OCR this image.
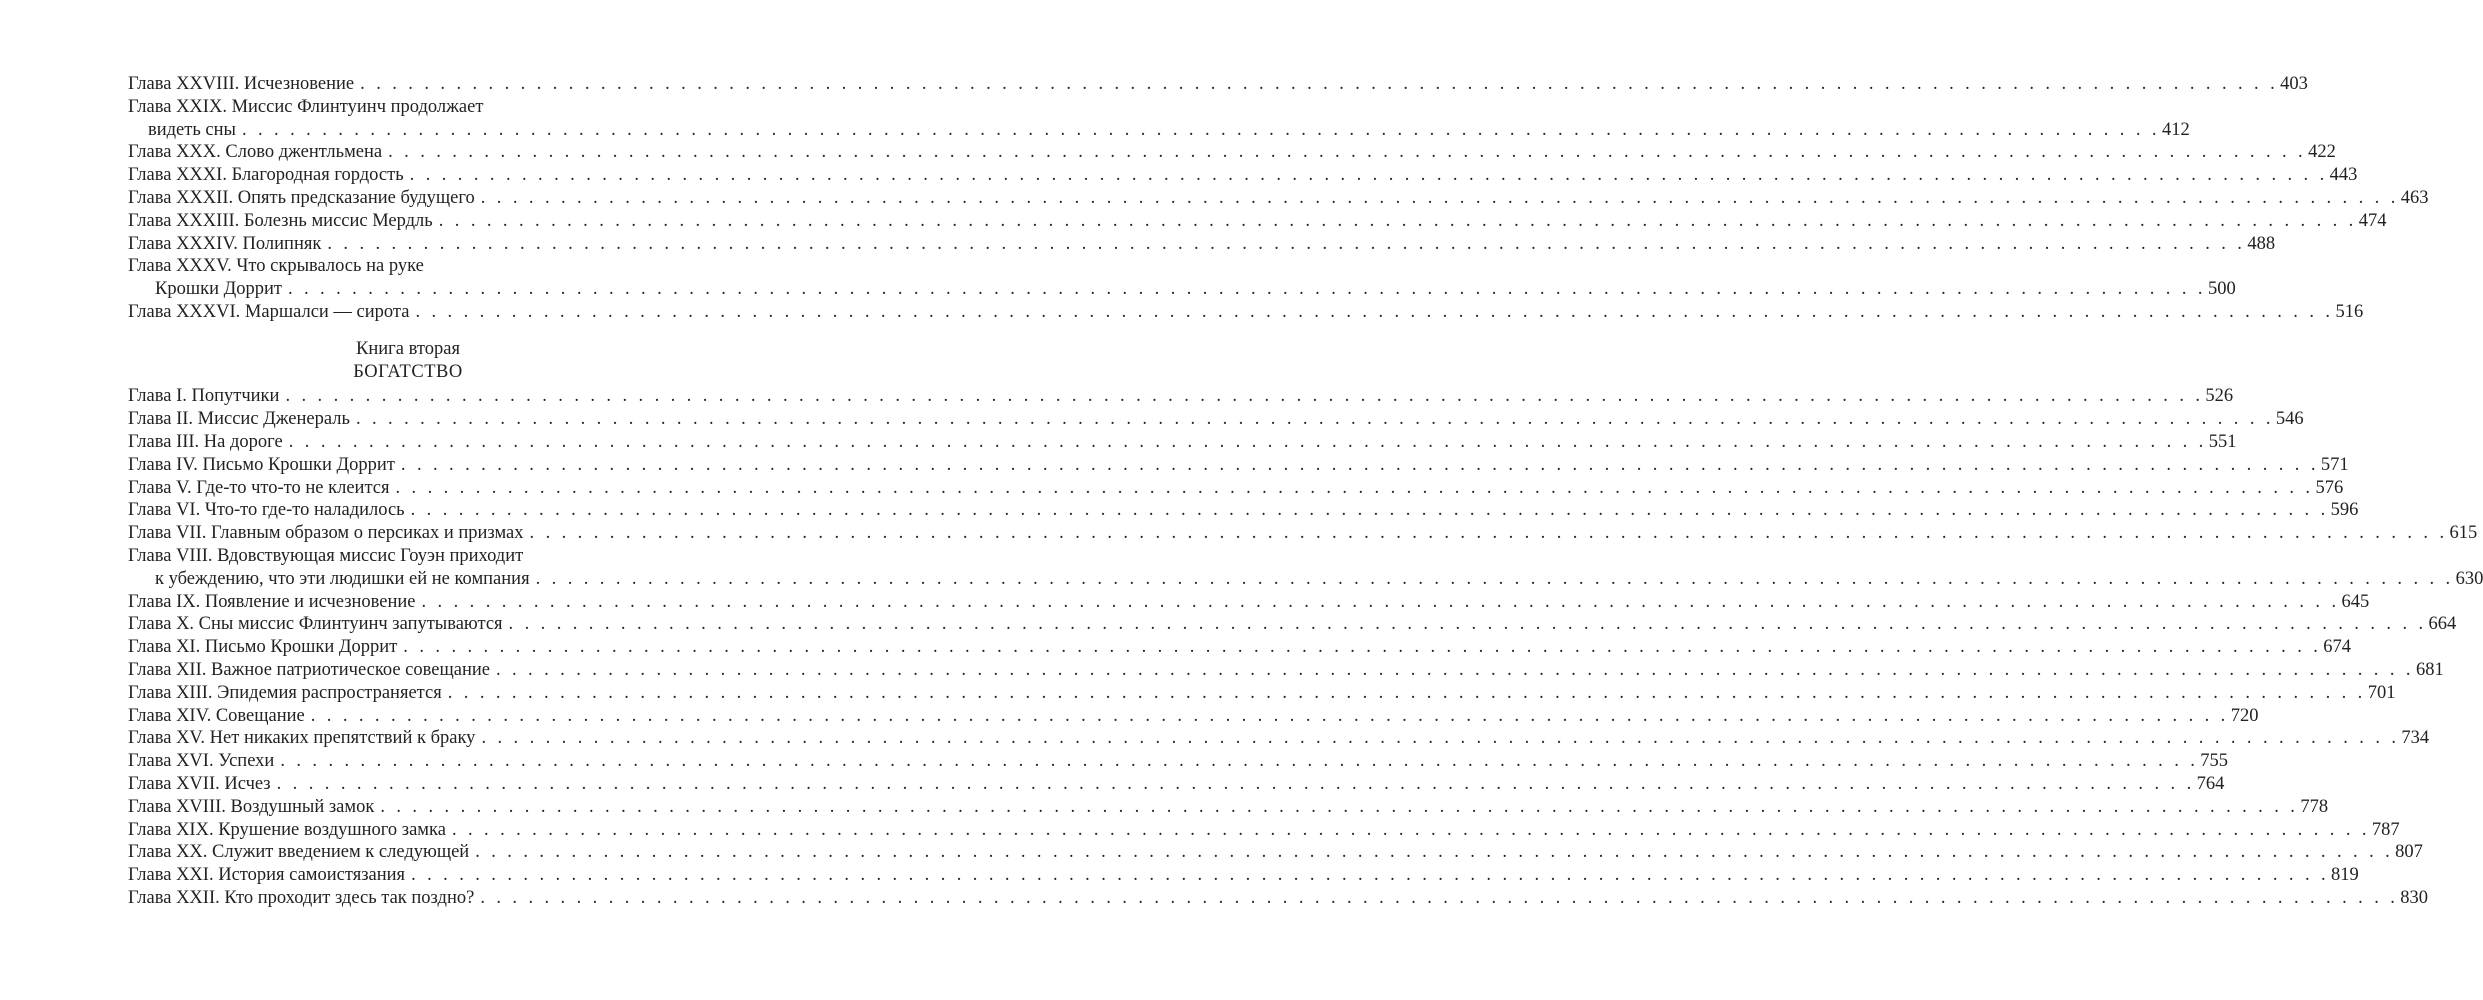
Глава XXVIII. Исчезновение . . . . . . . . . . . . . . . . . . . . . . . . . . . . . . . . . . . . . . . . . . . . . . . . . . . . . . . . . . . . . . . . . . . . . . . . . . . . . . . . . . . . . . . . . . . . . . . . . . . . . . . . . . . . . . . . . . . . . . . . 403
Глава XXIX. Миссис Флинтуинч продолжает
видеть сны . . . . . . . . . . . . . . . . . . . . . . . . . . . . . . . . . . . . . . . . . . . . . . . . . . . . . . . . . . . . . . . . . . . . . . . . . . . . . . . . . . . . . . . . . . . . . . . . . . . . . . . . . . . . . . . . . . . . . . . . 412
Глава XXX. Слово джентльмена . . . . . . . . . . . . . . . . . . . . . . . . . . . . . . . . . . . . . . . . . . . . . . . . . . . . . . . . . . . . . . . . . . . . . . . . . . . . . . . . . . . . . . . . . . . . . . . . . . . . . . . . . . . . . . . . . . . . . . . . 422
Глава XXXI. Благородная гордость . . . . . . . . . . . . . . . . . . . . . . . . . . . . . . . . . . . . . . . . . . . . . . . . . . . . . . . . . . . . . . . . . . . . . . . . . . . . . . . . . . . . . . . . . . . . . . . . . . . . . . . . . . . . . . . . . . . . . . . . 443
Глава XXXII. Опять предсказание будущего . . . . . . . . . . . . . . . . . . . . . . . . . . . . . . . . . . . . . . . . . . . . . . . . . . . . . . . . . . . . . . . . . . . . . . . . . . . . . . . . . . . . . . . . . . . . . . . . . . . . . . . . . . . . . . . . . . . . . . . . 463
Глава XXXIII. Болезнь миссис Мердль . . . . . . . . . . . . . . . . . . . . . . . . . . . . . . . . . . . . . . . . . . . . . . . . . . . . . . . . . . . . . . . . . . . . . . . . . . . . . . . . . . . . . . . . . . . . . . . . . . . . . . . . . . . . . . . . . . . . . . . . 474
Глава XXXIV. Полипняк . . . . . . . . . . . . . . . . . . . . . . . . . . . . . . . . . . . . . . . . . . . . . . . . . . . . . . . . . . . . . . . . . . . . . . . . . . . . . . . . . . . . . . . . . . . . . . . . . . . . . . . . . . . . . . . . . . . . . . . . 488
Глава XXXV. Что скрывалось на руке
Крошки Доррит . . . . . . . . . . . . . . . . . . . . . . . . . . . . . . . . . . . . . . . . . . . . . . . . . . . . . . . . . . . . . . . . . . . . . . . . . . . . . . . . . . . . . . . . . . . . . . . . . . . . . . . . . . . . . . . . . . . . . . . . 500
Глава XXXVI. Маршалси — сирота . . . . . . . . . . . . . . . . . . . . . . . . . . . . . . . . . . . . . . . . . . . . . . . . . . . . . . . . . . . . . . . . . . . . . . . . . . . . . . . . . . . . . . . . . . . . . . . . . . . . . . . . . . . . . . . . . . . . . . . . 516
Книга вторая
БОГАТСТВО
Глава I. Попутчики . . . . . . . . . . . . . . . . . . . . . . . . . . . . . . . . . . . . . . . . . . . . . . . . . . . . . . . . . . . . . . . . . . . . . . . . . . . . . . . . . . . . . . . . . . . . . . . . . . . . . . . . . . . . . . . . . . . . . . . . 526
Глава II. Миссис Дженераль . . . . . . . . . . . . . . . . . . . . . . . . . . . . . . . . . . . . . . . . . . . . . . . . . . . . . . . . . . . . . . . . . . . . . . . . . . . . . . . . . . . . . . . . . . . . . . . . . . . . . . . . . . . . . . . . . . . . . . . . 546
Глава III. На дороге . . . . . . . . . . . . . . . . . . . . . . . . . . . . . . . . . . . . . . . . . . . . . . . . . . . . . . . . . . . . . . . . . . . . . . . . . . . . . . . . . . . . . . . . . . . . . . . . . . . . . . . . . . . . . . . . . . . . . . . . 551
Глава IV. Письмо Крошки Доррит . . . . . . . . . . . . . . . . . . . . . . . . . . . . . . . . . . . . . . . . . . . . . . . . . . . . . . . . . . . . . . . . . . . . . . . . . . . . . . . . . . . . . . . . . . . . . . . . . . . . . . . . . . . . . . . . . . . . . . . . 571
Глава V. Где-то что-то не клеится . . . . . . . . . . . . . . . . . . . . . . . . . . . . . . . . . . . . . . . . . . . . . . . . . . . . . . . . . . . . . . . . . . . . . . . . . . . . . . . . . . . . . . . . . . . . . . . . . . . . . . . . . . . . . . . . . . . . . . . . 576
Глава VI. Что-то где-то наладилось . . . . . . . . . . . . . . . . . . . . . . . . . . . . . . . . . . . . . . . . . . . . . . . . . . . . . . . . . . . . . . . . . . . . . . . . . . . . . . . . . . . . . . . . . . . . . . . . . . . . . . . . . . . . . . . . . . . . . . . . 596
Глава VII. Главным образом о персиках и призмах . . . . . . . . . . . . . . . . . . . . . . . . . . . . . . . . . . . . . . . . . . . . . . . . . . . . . . . . . . . . . . . . . . . . . . . . . . . . . . . . . . . . . . . . . . . . . . . . . . . . . . . . . . . . . . . . . . . . . . . . 615
Глава VIII. Вдовствующая миссис Гоуэн приходит
к убеждению, что эти людишки ей не компания . . . . . . . . . . . . . . . . . . . . . . . . . . . . . . . . . . . . . . . . . . . . . . . . . . . . . . . . . . . . . . . . . . . . . . . . . . . . . . . . . . . . . . . . . . . . . . . . . . . . . . . . . . . . . . . . . . . . . . . . 630
Глава IX. Появление и исчезновение . . . . . . . . . . . . . . . . . . . . . . . . . . . . . . . . . . . . . . . . . . . . . . . . . . . . . . . . . . . . . . . . . . . . . . . . . . . . . . . . . . . . . . . . . . . . . . . . . . . . . . . . . . . . . . . . . . . . . . . . 645
Глава X. Сны миссис Флинтуинч запутываются . . . . . . . . . . . . . . . . . . . . . . . . . . . . . . . . . . . . . . . . . . . . . . . . . . . . . . . . . . . . . . . . . . . . . . . . . . . . . . . . . . . . . . . . . . . . . . . . . . . . . . . . . . . . . . . . . . . . . . . . 664
Глава XI. Письмо Крошки Доррит . . . . . . . . . . . . . . . . . . . . . . . . . . . . . . . . . . . . . . . . . . . . . . . . . . . . . . . . . . . . . . . . . . . . . . . . . . . . . . . . . . . . . . . . . . . . . . . . . . . . . . . . . . . . . . . . . . . . . . . . 674
Глава XII. Важное патриотическое совещание . . . . . . . . . . . . . . . . . . . . . . . . . . . . . . . . . . . . . . . . . . . . . . . . . . . . . . . . . . . . . . . . . . . . . . . . . . . . . . . . . . . . . . . . . . . . . . . . . . . . . . . . . . . . . . . . . . . . . . . . 681
Глава XIII. Эпидемия распространяется . . . . . . . . . . . . . . . . . . . . . . . . . . . . . . . . . . . . . . . . . . . . . . . . . . . . . . . . . . . . . . . . . . . . . . . . . . . . . . . . . . . . . . . . . . . . . . . . . . . . . . . . . . . . . . . . . . . . . . . . 701
Глава XIV. Совещание . . . . . . . . . . . . . . . . . . . . . . . . . . . . . . . . . . . . . . . . . . . . . . . . . . . . . . . . . . . . . . . . . . . . . . . . . . . . . . . . . . . . . . . . . . . . . . . . . . . . . . . . . . . . . . . . . . . . . . . . 720
Глава XV. Нет никаких препятствий к браку . . . . . . . . . . . . . . . . . . . . . . . . . . . . . . . . . . . . . . . . . . . . . . . . . . . . . . . . . . . . . . . . . . . . . . . . . . . . . . . . . . . . . . . . . . . . . . . . . . . . . . . . . . . . . . . . . . . . . . . . 734
Глава XVI. Успехи . . . . . . . . . . . . . . . . . . . . . . . . . . . . . . . . . . . . . . . . . . . . . . . . . . . . . . . . . . . . . . . . . . . . . . . . . . . . . . . . . . . . . . . . . . . . . . . . . . . . . . . . . . . . . . . . . . . . . . . . 755
Глава XVII. Исчез . . . . . . . . . . . . . . . . . . . . . . . . . . . . . . . . . . . . . . . . . . . . . . . . . . . . . . . . . . . . . . . . . . . . . . . . . . . . . . . . . . . . . . . . . . . . . . . . . . . . . . . . . . . . . . . . . . . . . . . . 764
Глава XVIII. Воздушный замок . . . . . . . . . . . . . . . . . . . . . . . . . . . . . . . . . . . . . . . . . . . . . . . . . . . . . . . . . . . . . . . . . . . . . . . . . . . . . . . . . . . . . . . . . . . . . . . . . . . . . . . . . . . . . . . . . . . . . . . . 778
Глава XIX. Крушение воздушного замка . . . . . . . . . . . . . . . . . . . . . . . . . . . . . . . . . . . . . . . . . . . . . . . . . . . . . . . . . . . . . . . . . . . . . . . . . . . . . . . . . . . . . . . . . . . . . . . . . . . . . . . . . . . . . . . . . . . . . . . . 787
Глава XX. Служит введением к следующей . . . . . . . . . . . . . . . . . . . . . . . . . . . . . . . . . . . . . . . . . . . . . . . . . . . . . . . . . . . . . . . . . . . . . . . . . . . . . . . . . . . . . . . . . . . . . . . . . . . . . . . . . . . . . . . . . . . . . . . . 807
Глава XXI. История самоистязания . . . . . . . . . . . . . . . . . . . . . . . . . . . . . . . . . . . . . . . . . . . . . . . . . . . . . . . . . . . . . . . . . . . . . . . . . . . . . . . . . . . . . . . . . . . . . . . . . . . . . . . . . . . . . . . . . . . . . . . . 819
Глава XXII. Кто проходит здесь так поздно? . . . . . . . . . . . . . . . . . . . . . . . . . . . . . . . . . . . . . . . . . . . . . . . . . . . . . . . . . . . . . . . . . . . . . . . . . . . . . . . . . . . . . . . . . . . . . . . . . . . . . . . . . . . . . . . . . . . . . . . . 830
